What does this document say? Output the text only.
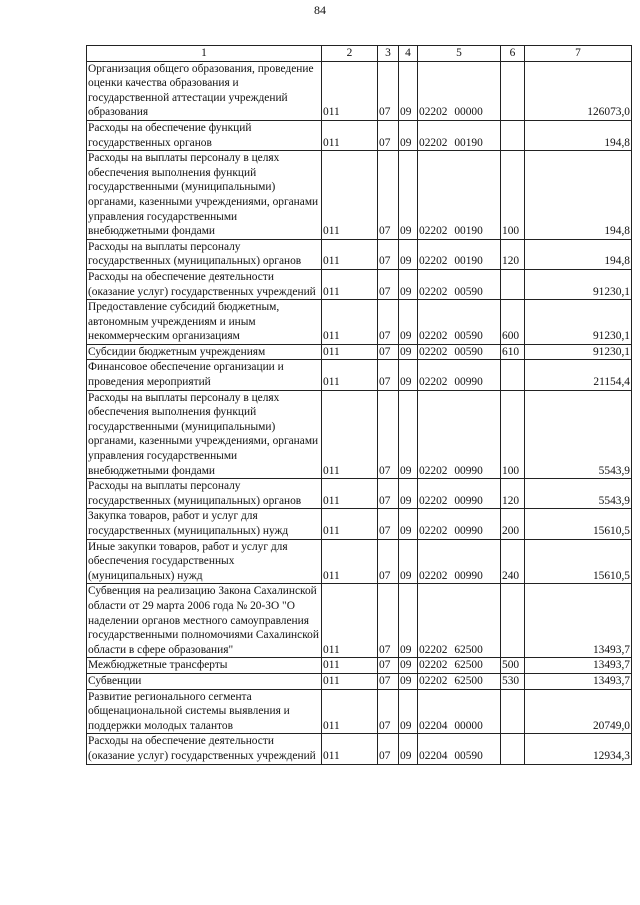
84
1	2	3	4	5	6	7
Организация общего образования, проведение оценки качества образования и государственной аттестации учреждений образования	011	07	09	02202 00000		126073,0
Расходы на обеспечение функций государственных органов	011	07	09	02202 00190		194,8
Расходы на выплаты персоналу в целях обеспечения выполнения функций государственными (муниципальными) органами, казенными учреждениями, органами управления государственными внебюджетными фондами	011	07	09	02202 00190	100	194,8
Расходы на выплаты персоналу государственных (муниципальных) органов	011	07	09	02202 00190	120	194,8
Расходы на обеспечение деятельности (оказание услуг) государственных учреждений	011	07	09	02202 00590		91230,1
Предоставление субсидий бюджетным, автономным учреждениям и иным некоммерческим организациям	011	07	09	02202 00590	600	91230,1
Субсидии бюджетным учреждениям	011	07	09	02202 00590	610	91230,1
Финансовое обеспечение организации и проведения мероприятий	011	07	09	02202 00990		21154,4
Расходы на выплаты персоналу в целях обеспечения выполнения функций государственными (муниципальными) органами, казенными учреждениями, органами управления государственными внебюджетными фондами	011	07	09	02202 00990	100	5543,9
Расходы на выплаты персоналу государственных (муниципальных) органов	011	07	09	02202 00990	120	5543,9
Закупка товаров, работ и услуг для государственных (муниципальных) нужд	011	07	09	02202 00990	200	15610,5
Иные закупки товаров, работ и услуг для обеспечения государственных (муниципальных) нужд	011	07	09	02202 00990	240	15610,5
Субвенция на реализацию Закона Сахалинской области от 29 марта 2006 года № 20-ЗО "О наделении органов местного самоуправления государственными полномочиями Сахалинской области в сфере образования"	011	07	09	02202 62500		13493,7
Межбюджетные трансферты	011	07	09	02202 62500	500	13493,7
Субвенции	011	07	09	02202 62500	530	13493,7
Развитие регионального сегмента общенациональной системы выявления и поддержки молодых талантов	011	07	09	02204 00000		20749,0
Расходы на обеспечение деятельности (оказание услуг) государственных учреждений	011	07	09	02204 00590		12934,3
